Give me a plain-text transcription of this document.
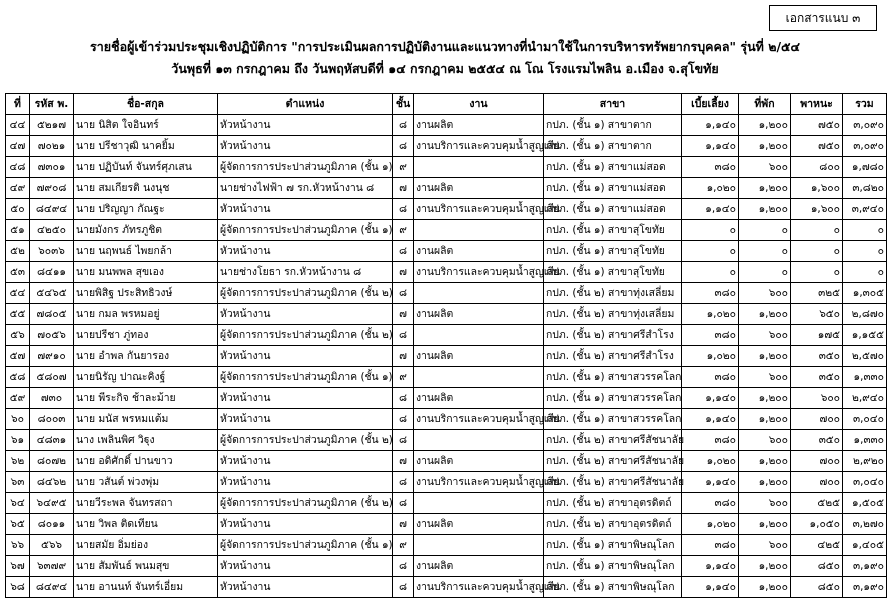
เอกสารแนบ ๓
รายชื่อผู้เข้าร่วมประชุมเชิงปฏิบัติการ "การประเมินผลการปฏิบัติงานและแนวทางที่นำมาใช้ในการบริหารทรัพยากรบุคคล" รุ่นที่ ๒/๕๔
วันพุธที่ ๑๓ กรกฎาคม ถึง วันพฤหัสบดีที่ ๑๔ กรกฎาคม ๒๕๕๔ ณ โณ โรงแรมไพลิน อ.เมือง จ.สุโขทัย
ที่	รหัส พ.	ชื่อ-สกุล	ตำแหน่ง	ชั้น	งาน	สาขา	เบี้ยเลี้ยง	ที่พัก	พาหนะ	รวม
๔๔	๕๒๑๗	นาย นิสิต ใจอินทร์	หัวหน้างาน	๘	งานผลิต	กปภ. (ชั้น ๑) สาขาตาก	๑,๑๔๐	๑,๒๐๐	๗๕๐	๓,๐๙๐
๔๗	๗๐๒๑	นาย ปรีชาวุฒิ นาคยิ้ม	หัวหน้างาน	๘	งานบริการและควบคุมน้ำสูญเสีย	กปภ. (ชั้น ๑) สาขาตาก	๑,๑๔๐	๑,๒๐๐	๗๕๐	๓,๐๙๐
๔๘	๗๓๐๑	นาย ปฏิบันท์ จันทร์ศุภเสน	ผู้จัดการการประปาส่วนภูมิภาค (ชั้น ๑)	๙		กปภ. (ชั้น ๑) สาขาแม่สอด	๓๘๐	๖๐๐	๘๐๐	๑,๗๘๐
๔๙	๗๙๐๘	นาย สมเกียรติ นงนุช	นายช่างไฟฟ้า ๗ รก.หัวหน้างาน ๘	๗	งานผลิต	กปภ. (ชั้น ๑) สาขาแม่สอด	๑,๐๒๐	๑,๒๐๐	๑,๖๐๐	๓,๘๒๐
๕๐	๘๔๙๔	นาย ปริญญา กัณฐะ	หัวหน้างาน	๘	งานบริการและควบคุมน้ำสูญเสีย	กปภ. (ชั้น ๑) สาขาแม่สอด	๑,๑๔๐	๑,๒๐๐	๑,๖๐๐	๓,๙๔๐
๕๑	๔๒๕๐	นายมังกร ภัทรภูชิต	ผู้จัดการการประปาส่วนภูมิภาค (ชั้น ๑)	๙		กปภ. (ชั้น ๑) สาขาสุโขทัย	๐	๐	๐	๐
๕๒	๖๐๓๖	นาย นฤพนธ์ ไพยกล้า	หัวหน้างาน	๘	งานผลิต	กปภ. (ชั้น ๑) สาขาสุโขทัย	๐	๐	๐	๐
๕๓	๘๔๑๑	นาย มนพพล สุขเอง	นายช่างโยธา รก.หัวหน้างาน ๘	๗	งานบริการและควบคุมน้ำสูญเสีย	กปภ. (ชั้น ๑) สาขาสุโขทัย	๐	๐	๐	๐
๕๔	๕๔๖๕	นายพิสิฐ ประสิทธิวงษ์	ผู้จัดการการประปาส่วนภูมิภาค (ชั้น ๒)	๘		กปภ. (ชั้น ๒) สาขาทุ่งเสลี่ยม	๓๘๐	๖๐๐	๓๒๕	๑,๓๐๕
๕๕	๗๘๐๕	นาย กมล พรหมอยู่	หัวหน้างาน	๗	งานผลิต	กปภ. (ชั้น ๒) สาขาทุ่งเสลี่ยม	๑,๐๒๐	๑,๒๐๐	๖๕๐	๒,๘๗๐
๕๖	๗๐๕๖	นายปรีชา ภู่ทอง	ผู้จัดการการประปาส่วนภูมิภาค (ชั้น ๒)	๘		กปภ. (ชั้น ๒) สาขาศรีสำโรง	๓๘๐	๖๐๐	๑๗๕	๑,๑๕๕
๕๗	๗๙๑๐	นาย อำพล กันยารอง	หัวหน้างาน	๗	งานผลิต	กปภ. (ชั้น ๒) สาขาศรีสำโรง	๑,๐๒๐	๑,๒๐๐	๓๕๐	๒,๕๗๐
๕๘	๕๘๐๗	นายนิรัญ ปาณะคิงฐ์	ผู้จัดการการประปาส่วนภูมิภาค (ชั้น ๑)	๙		กปภ. (ชั้น ๑) สาขาสวรรคโลก	๓๘๐	๖๐๐	๓๕๐	๑,๓๓๐
๕๙	๗๓๐	นาย พีระกิจ ช้าละม้าย	หัวหน้างาน	๘	งานผลิต	กปภ. (ชั้น ๑) สาขาสวรรคโลก	๑,๑๔๐	๑,๒๐๐	๖๐๐	๒,๙๔๐
๖๐	๘๐๐๓	นาย มนัส พรหมแต้ม	หัวหน้างาน	๘	งานบริการและควบคุมน้ำสูญเสีย	กปภ. (ชั้น ๑) สาขาสวรรคโลก	๑,๑๔๐	๑,๒๐๐	๗๐๐	๓,๐๔๐
๖๑	๔๘๓๑	นาง เพลินพิศ วิฐุง	ผู้จัดการการประปาส่วนภูมิภาค (ชั้น ๒)	๘		กปภ. (ชั้น ๒) สาขาศรีสัชนาลัย	๓๘๐	๖๐๐	๓๕๐	๑,๓๓๐
๖๒	๘๐๗๒	นาย อดิศักดิ์ ปานขาว	หัวหน้างาน	๗	งานผลิต	กปภ. (ชั้น ๒) สาขาศรีสัชนาลัย	๑,๐๒๐	๑,๒๐๐	๗๐๐	๒,๙๒๐
๖๓	๘๔๖๒	นาย วสันต์ พ่วงพุ่ม	หัวหน้างาน	๘	งานบริการและควบคุมน้ำสูญเสีย	กปภ. (ชั้น ๒) สาขาศรีสัชนาลัย	๑,๑๔๐	๑,๒๐๐	๗๐๐	๓,๐๔๐
๖๔	๖๔๙๕	นายวีระพล จันทรสถา	ผู้จัดการการประปาส่วนภูมิภาค (ชั้น ๒)	๘		กปภ. (ชั้น ๒) สาขาอุตรดิตถ์	๓๘๐	๖๐๐	๕๒๕	๑,๕๐๕
๖๕	๘๐๑๑	นาย วิพล ติดเทียน	หัวหน้างาน	๗	งานผลิต	กปภ. (ชั้น ๒) สาขาอุตรดิตถ์	๑,๐๒๐	๑,๒๐๐	๑,๐๕๐	๓,๒๗๐
๖๖	๕๖๖	นายสมัย อิ่มย่อง	ผู้จัดการการประปาส่วนภูมิภาค (ชั้น ๑)	๙		กปภ. (ชั้น ๑) สาขาพิษณุโลก	๓๘๐	๖๐๐	๔๒๕	๑,๔๐๕
๖๗	๖๓๗๙	นาย สัมพันธ์ พนมสุข	หัวหน้างาน	๘	งานผลิต	กปภ. (ชั้น ๑) สาขาพิษณุโลก	๑,๑๔๐	๑,๒๐๐	๘๕๐	๓,๑๙๐
๖๘	๘๔๙๔	นาย อานนท์ จันทร์เอี่ยม	หัวหน้างาน	๘	งานบริการและควบคุมน้ำสูญเสีย	กปภ. (ชั้น ๑) สาขาพิษณุโลก	๑,๑๔๐	๑,๒๐๐	๘๕๐	๓,๑๙๐
